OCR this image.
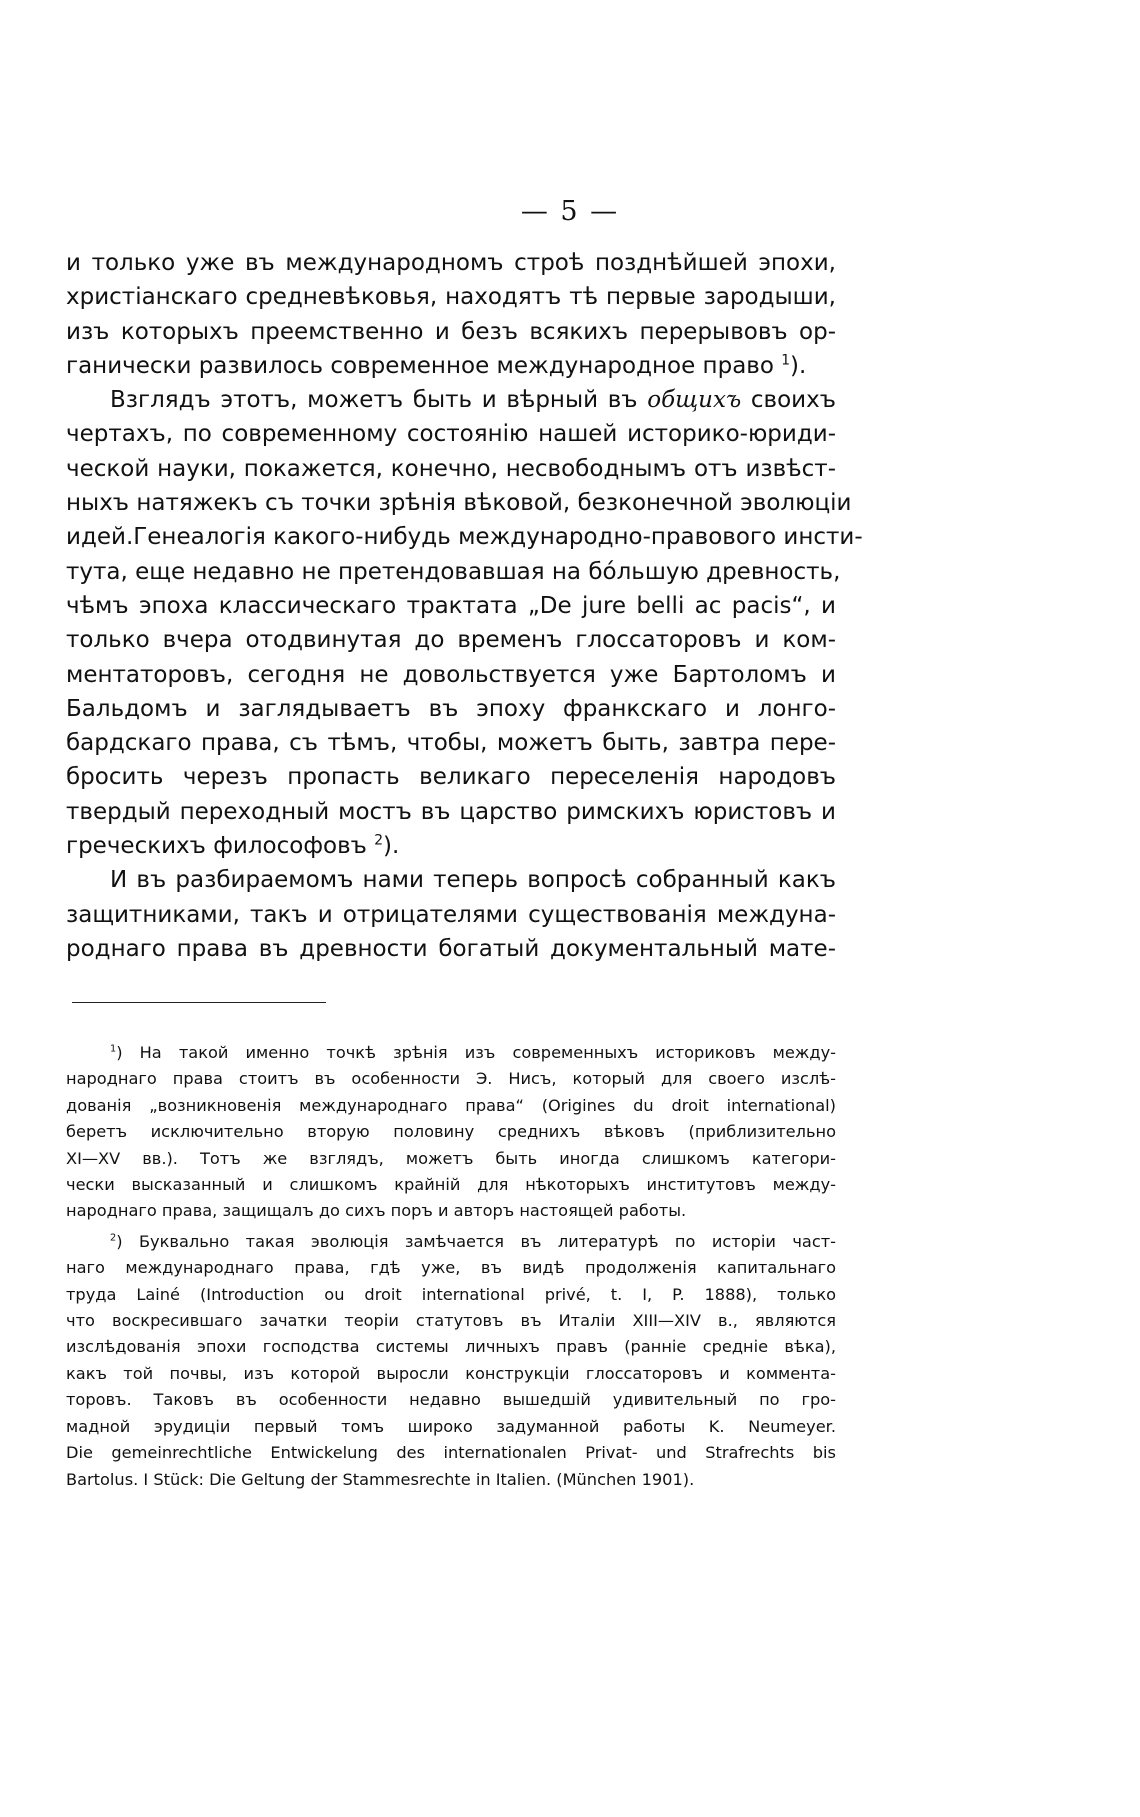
— 5 —
и только уже въ международномъ строѣ позднѣйшей эпохи,
христіанскаго средневѣковья, находятъ тѣ первые зародыши,
изъ которыхъ преемственно и безъ всякихъ перерывовъ ор-
ганически развилось современное международное право $^1$).
Взглядъ этотъ, можетъ быть и вѣрный въ общихъ своихъ
чертахъ, по современному состоянію нашей историко-юриди-
ческой науки, покажется, конечно, несвободнымъ отъ извѣст-
ныхъ натяжекъ съ точки зрѣнія вѣковой, безконечной эволюціи
идей.Генеалогія какого-нибудь международно-правового инсти-
тута, еще недавно не претендовавшая на бóльшую древность,
чѣмъ эпоха классическаго трактата „De jure belli ac pacis“, и
только вчера отодвинутая до временъ глоссаторовъ и ком-
ментаторовъ, сегодня не довольствуется уже Бартоломъ и
Бальдомъ и заглядываетъ въ эпоху франкскаго и лонго-
бардскаго права, съ тѣмъ, чтобы, можетъ быть, завтра пере-
бросить черезъ пропасть великаго переселенія народовъ
твердый переходный мостъ въ царство римскихъ юристовъ и
греческихъ философовъ $^2$).
И въ разбираемомъ нами теперь вопросѣ собранный какъ
защитниками, такъ и отрицателями существованія междуна-
роднаго права въ древности богатый документальный мате-
$^1$) На такой именно точкѣ зрѣнія изъ современныхъ историковъ между-
народнаго права стоитъ въ особенности Э. Нисъ, который для своего изслѣ-
дованія „возникновенія международнаго права“ (Origines du droit international)
беретъ исключительно вторую половину среднихъ вѣковъ (приблизительно
XI—XV вв.). Тотъ же взглядъ, можетъ быть иногда слишкомъ категори-
чески высказанный и слишкомъ крайній для нѣкоторыхъ институтовъ между-
народнаго права, защищалъ до сихъ поръ и авторъ настоящей работы.
$^2$) Буквально такая эволюція замѣчается въ литературѣ по исторіи част-
наго международнаго права, гдѣ уже, въ видѣ продолженія капитальнаго
труда Lainé (Introduction ou droit international privé, t. I, P. 1888), только
что воскресившаго зачатки теоріи статутовъ въ Италіи XIII—XIV в., являются
изслѣдованія эпохи господства системы личныхъ правъ (ранніе средніе вѣка),
какъ той почвы, изъ которой выросли конструкціи глоссаторовъ и коммента-
торовъ. Таковъ въ особенности недавно вышедшій удивительный по гро-
мадной эрудиціи первый томъ широко задуманной работы K. Neumeyer.
Die gemeinrechtliche Entwickelung des internationalen Privat- und Strafrechts bis
Bartolus. I Stück: Die Geltung der Stammesrechte in Italien. (München 1901).
